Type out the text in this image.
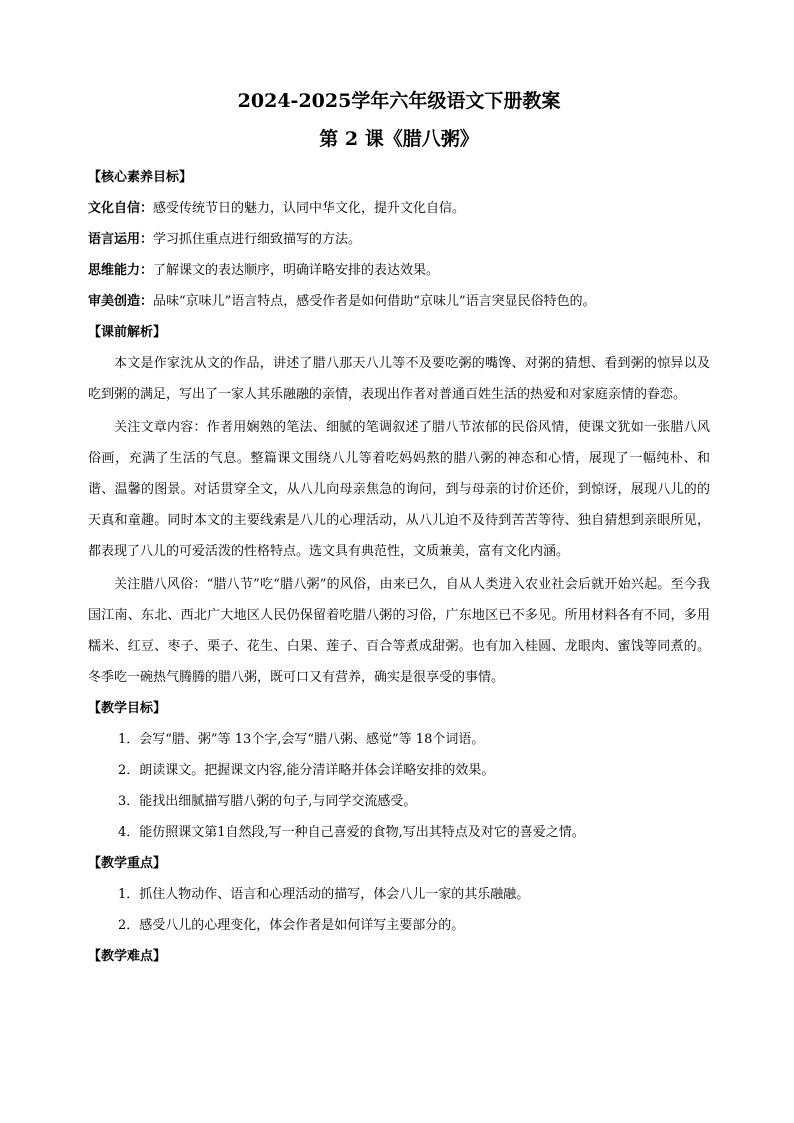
2024-2025学年六年级语文下册教案
第 2 课《腊八粥》

【核心素养目标】

文化自信：感受传统节日的魅力，认同中华文化，提升文化自信。

语言运用：学习抓住重点进行细致描写的方法。

思维能力：了解课文的表达顺序，明确详略安排的表达效果。

审美创造：品味“京味儿”语言特点，感受作者是如何借助“京味儿”语言突显民俗特色的。

【课前解析】

本文是作家沈从文的作品，讲述了腊八那天八儿等不及要吃粥的嘴馋、对粥的猜想、看到粥的惊异以及吃到粥的满足，写出了一家人其乐融融的亲情，表现出作者对普通百姓生活的热爱和对家庭亲情的眷恋。

关注文章内容：作者用娴熟的笔法、细腻的笔调叙述了腊八节浓郁的民俗风情，使课文犹如一张腊八风俗画，充满了生活的气息。整篇课文围绕八儿等着吃妈妈熬的腊八粥的神态和心情，展现了一幅纯朴、和谐、温馨的图景。对话贯穿全文，从八儿向母亲焦急的询问，到与母亲的讨价还价，到惊讶，展现八儿的的天真和童趣。同时本文的主要线索是八儿的心理活动，从八儿迫不及待到苦苦等待、独自猜想到亲眼所见，都表现了八儿的可爱活泼的性格特点。选文具有典范性，文质兼美，富有文化内涵。

关注腊八风俗：“腊八节”吃“腊八粥”的风俗，由来已久，自从人类进入农业社会后就开始兴起。至今我国江南、东北、西北广大地区人民仍保留着吃腊八粥的习俗，广东地区已不多见。所用材料各有不同，多用糯米、红豆、枣子、栗子、花生、白果、莲子、百合等煮成甜粥。也有加入桂圆、龙眼肉、蜜饯等同煮的。冬季吃一碗热气腾腾的腊八粥，既可口又有营养，确实是很享受的事情。

【教学目标】

1．会写“腊、粥”等 13个字,会写“腊八粥、感觉”等 18个词语。

2．朗读课文。把握课文内容,能分清详略并体会详略安排的效果。

3．能找出细腻描写腊八粥的句子,与同学交流感受。

4．能仿照课文第1自然段,写一种自己喜爱的食物,写出其特点及对它的喜爱之情。

【教学重点】

1．抓住人物动作、语言和心理活动的描写，体会八儿一家的其乐融融。

2．感受八儿的心理变化，体会作者是如何详写主要部分的。

【教学难点】
